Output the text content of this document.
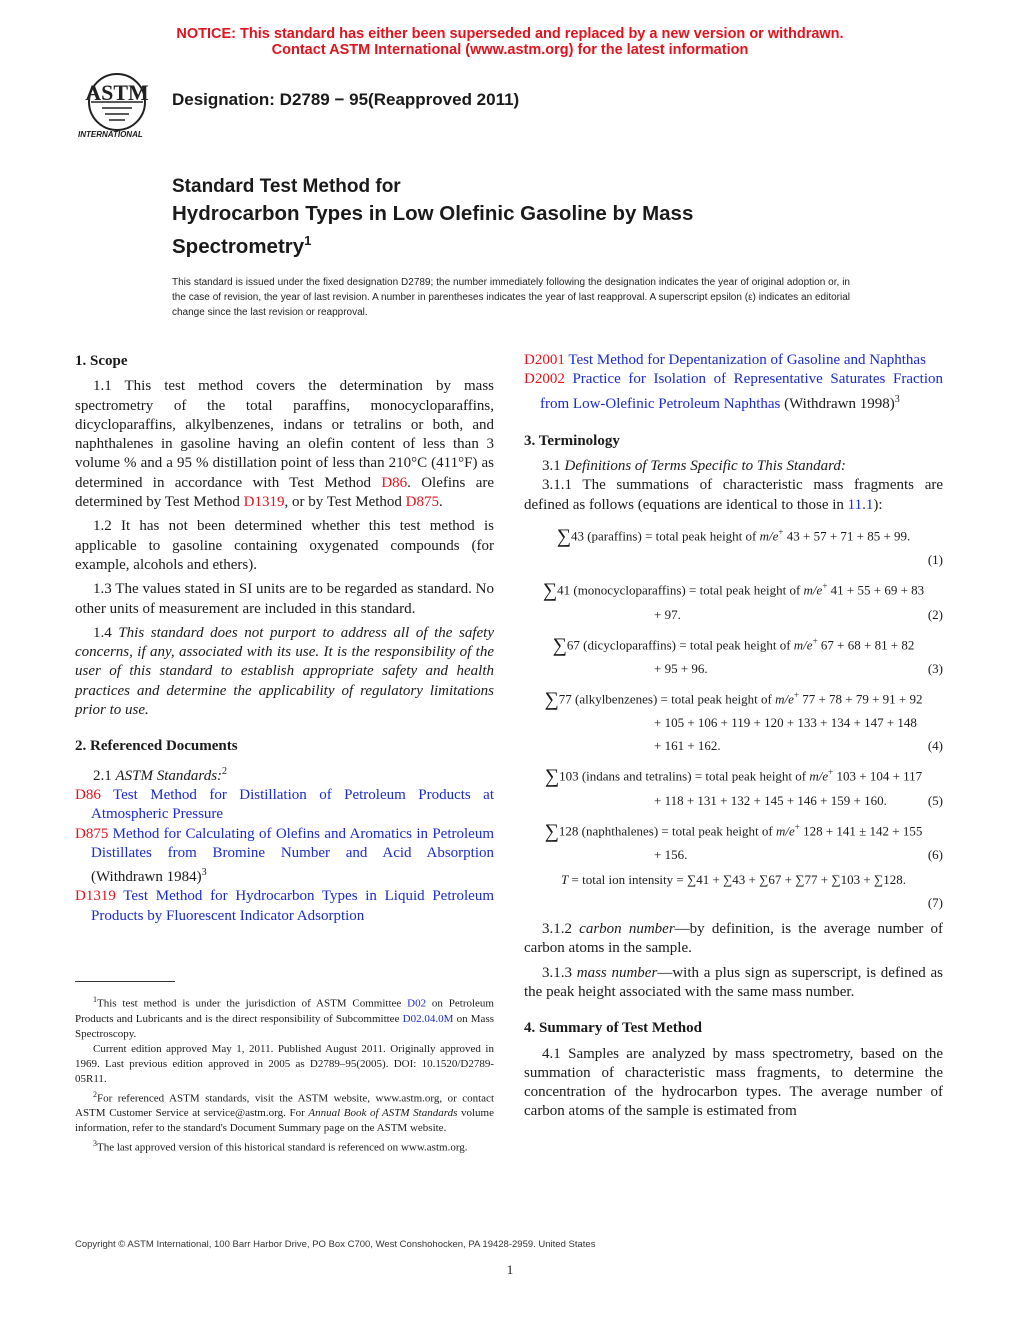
NOTICE: This standard has either been superseded and replaced by a new version or withdrawn.
Contact ASTM International (www.astm.org) for the latest information
ASTM
INTERNATIONAL
Designation: D2789 − 95(Reapproved 2011)
Standard Test Method for
Hydrocarbon Types in Low Olefinic Gasoline by Mass Spectrometry$^1$
This standard is issued under the fixed designation D2789; the number immediately following the designation indicates the year of original adoption or, in the case of revision, the year of last revision. A number in parentheses indicates the year of last reapproval. A superscript epsilon (ε) indicates an editorial change since the last revision or reapproval.

1. Scope

1.1 This test method covers the determination by mass spectrometry of the total paraffins, monocycloparaffins, dicycloparaffins, alkylbenzenes, indans or tetralins or both, and naphthalenes in gasoline having an olefin content of less than 3 volume % and a 95 % distillation point of less than 210°C (411°F) as determined in accordance with Test Method D86. Olefins are determined by Test Method D1319, or by Test Method D875.

1.2 It has not been determined whether this test method is applicable to gasoline containing oxygenated compounds (for example, alcohols and ethers).

1.3 The values stated in SI units are to be regarded as standard. No other units of measurement are included in this standard.

1.4 This standard does not purport to address all of the safety concerns, if any, associated with its use. It is the responsibility of the user of this standard to establish appropriate safety and health practices and determine the applicability of regulatory limitations prior to use.

2. Referenced Documents

2.1 ASTM Standards:$^2$

D86 Test Method for Distillation of Petroleum Products at Atmospheric Pressure

D875 Method for Calculating of Olefins and Aromatics in Petroleum Distillates from Bromine Number and Acid Absorption (Withdrawn 1984)$^3$

D1319 Test Method for Hydrocarbon Types in Liquid Petroleum Products by Fluorescent Indicator Adsorption

$^1$This test method is under the jurisdiction of ASTM Committee D02 on Petroleum Products and Lubricants and is the direct responsibility of Subcommittee D02.04.0M on Mass Spectroscopy.

Current edition approved May 1, 2011. Published August 2011. Originally approved in 1969. Last previous edition approved in 2005 as D2789–95(2005). DOI: 10.1520/D2789-05R11.

$^2$For referenced ASTM standards, visit the ASTM website, www.astm.org, or contact ASTM Customer Service at service@astm.org. For Annual Book of ASTM Standards volume information, refer to the standard's Document Summary page on the ASTM website.

$^3$The last approved version of this historical standard is referenced on www.astm.org.

D2001 Test Method for Depentanization of Gasoline and Naphthas

D2002 Practice for Isolation of Representative Saturates Fraction from Low-Olefinic Petroleum Naphthas (Withdrawn 1998)$^3$

3. Terminology

3.1 Definitions of Terms Specific to This Standard:

3.1.1 The summations of characteristic mass fragments are defined as follows (equations are identical to those in 11.1):

∑43 (paraffins) = total peak height of m/e+ 43 + 57 + 71 + 85 + 99.
(1)
∑41 (monocycloparaffins) = total peak height of m/e+ 41 + 55 + 69 + 83
+ 97.	(2)
∑67 (dicycloparaffins) = total peak height of m/e+ 67 + 68 + 81 + 82
+ 95 + 96.	(3)
∑77 (alkylbenzenes) = total peak height of m/e+ 77 + 78 + 79 + 91 + 92
+ 105 + 106 + 119 + 120 + 133 + 134 + 147 + 148
+ 161 + 162.	(4)
∑103 (indans and tetralins) = total peak height of m/e+ 103 + 104 + 117
+ 118 + 131 + 132 + 145 + 146 + 159 + 160.	(5)
∑128 (naphthalenes) = total peak height of m/e+ 128 + 141 ± 142 + 155
+ 156.	(6)
T = total ion intensity = ∑41 + ∑43 + ∑67 + ∑77 + ∑103 + ∑128.
(7)

3.1.2 carbon number—by definition, is the average number of carbon atoms in the sample.

3.1.3 mass number—with a plus sign as superscript, is defined as the peak height associated with the same mass number.

4. Summary of Test Method

4.1 Samples are analyzed by mass spectrometry, based on the summation of characteristic mass fragments, to determine the concentration of the hydrocarbon types. The average number of carbon atoms of the sample is estimated from

Copyright © ASTM International, 100 Barr Harbor Drive, PO Box C700, West Conshohocken, PA 19428-2959. United States
1
